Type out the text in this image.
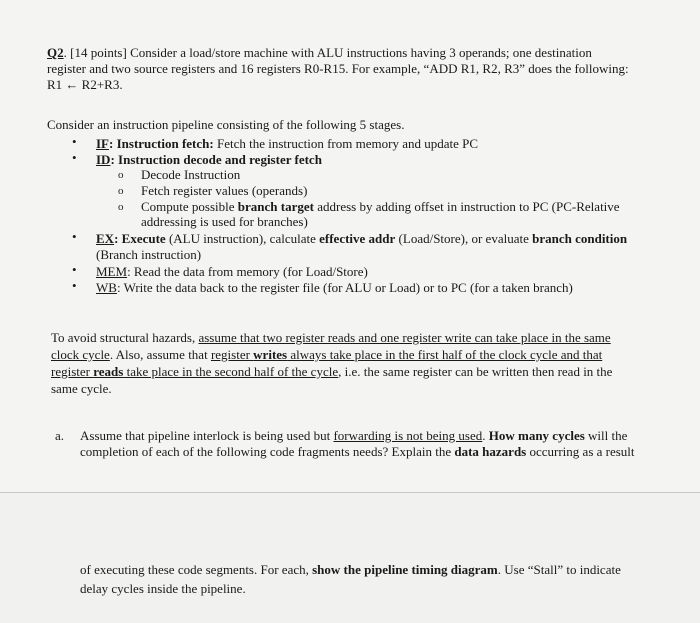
Q2. [14 points] Consider a load/store machine with ALU instructions having 3 operands; one destination
register and two source registers and 16 registers R0-R15. For example, “ADD R1, R2, R3” does the following:
R1 ← R2+R3.
Consider an instruction pipeline consisting of the following 5 stages.
• IF: Instruction fetch: Fetch the instruction from memory and update PC
• ID: Instruction decode and register fetch
o Decode Instruction
o Fetch register values (operands)
o Compute possible branch target address by adding offset in instruction to PC (PC-Relative
addressing is used for branches)
• EX: Execute (ALU instruction), calculate effective addr (Load/Store), or evaluate branch condition
(Branch instruction)
• MEM: Read the data from memory (for Load/Store)
• WB: Write the data back to the register file (for ALU or Load) or to PC (for a taken branch)
To avoid structural hazards, assume that two register reads and one register write can take place in the same
clock cycle. Also, assume that register writes always take place in the first half of the clock cycle and that
register reads take place in the second half of the cycle, i.e. the same register can be written then read in the
same cycle.
a. Assume that pipeline interlock is being used but forwarding is not being used. How many cycles will the
completion of each of the following code fragments needs? Explain the data hazards occurring as a result
of executing these code segments. For each, show the pipeline timing diagram. Use “Stall” to indicate
delay cycles inside the pipeline.
